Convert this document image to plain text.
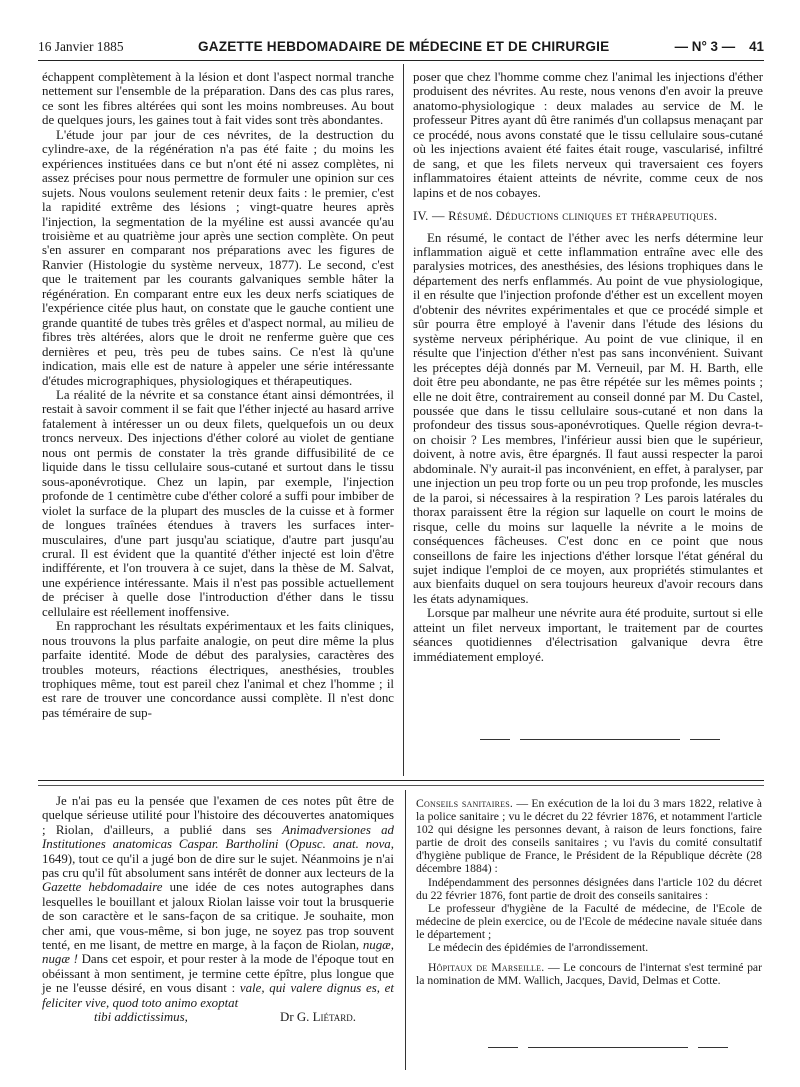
16 Janvier 1885	GAZETTE HEBDOMADAIRE DE MÉDECINE ET DE CHIRURGIE	— N° 3 — 41

échappent complètement à la lésion et dont l'aspect normal tranche nettement sur l'ensemble de la préparation. Dans des cas plus rares, ce sont les fibres altérées qui sont les moins nombreuses. Au bout de quelques jours, les gaines tout à fait vides sont très abondantes.

L'étude jour par jour de ces névrites, de la destruction du cylindre-axe, de la régénération n'a pas été faite ; du moins les expériences instituées dans ce but n'ont été ni assez complètes, ni assez précises pour nous permettre de formuler une opinion sur ces sujets. Nous voulons seulement retenir deux faits : le premier, c'est la rapidité extrême des lésions ; vingt-quatre heures après l'injection, la segmentation de la myéline est aussi avancée qu'au troisième et au quatrième jour après une section complète. On peut s'en assurer en comparant nos préparations avec les figures de Ranvier (Histologie du système nerveux, 1877). Le second, c'est que le traitement par les courants galvaniques semble hâter la régénération. En comparant entre eux les deux nerfs sciatiques de l'expérience citée plus haut, on constate que le gauche contient une grande quantité de tubes très grêles et d'aspect normal, au milieu de fibres très altérées, alors que le droit ne renferme guère que ces dernières et peu, très peu de tubes sains. Ce n'est là qu'une indication, mais elle est de nature à appeler une série intéressante d'études micrographiques, physiologiques et thérapeutiques.

La réalité de la névrite et sa constance étant ainsi démontrées, il restait à savoir comment il se fait que l'éther injecté au hasard arrive fatalement à intéresser un ou deux filets, quelquefois un ou deux troncs nerveux. Des injections d'éther coloré au violet de gentiane nous ont permis de constater la très grande diffusibilité de ce liquide dans le tissu cellulaire sous-cutané et surtout dans le tissu sous-aponévrotique. Chez un lapin, par exemple, l'injection profonde de 1 centimètre cube d'éther coloré a suffi pour imbiber de violet la surface de la plupart des muscles de la cuisse et à former de longues traînées étendues à travers les surfaces inter-musculaires, d'une part jusqu'au sciatique, d'autre part jusqu'au crural. Il est évident que la quantité d'éther injecté est loin d'être indifférente, et l'on trouvera à ce sujet, dans la thèse de M. Salvat, une expérience intéressante. Mais il n'est pas possible actuellement de préciser à quelle dose l'introduction d'éther dans le tissu cellulaire est réellement inoffensive.

En rapprochant les résultats expérimentaux et les faits cliniques, nous trouvons la plus parfaite analogie, on peut dire même la plus parfaite identité. Mode de début des paralysies, caractères des troubles moteurs, réactions électriques, anesthésies, troubles trophiques même, tout est pareil chez l'animal et chez l'homme ; il est rare de trouver une concordance aussi complète. Il n'est donc pas téméraire de sup-

poser que chez l'homme comme chez l'animal les injections d'éther produisent des névrites. Au reste, nous venons d'en avoir la preuve anatomo-physiologique : deux malades au service de M. le professeur Pitres ayant dû être ranimés d'un collapsus menaçant par ce procédé, nous avons constaté que le tissu cellulaire sous-cutané où les injections avaient été faites était rouge, vascularisé, infiltré de sang, et que les filets nerveux qui traversaient ces foyers inflammatoires étaient atteints de névrite, comme ceux de nos lapins et de nos cobayes.

IV. — Résumé. Déductions cliniques et thérapeutiques.

En résumé, le contact de l'éther avec les nerfs détermine leur inflammation aiguë et cette inflammation entraîne avec elle des paralysies motrices, des anesthésies, des lésions trophiques dans le département des nerfs enflammés. Au point de vue physiologique, il en résulte que l'injection profonde d'éther est un excellent moyen d'obtenir des névrites expérimentales et que ce procédé simple et sûr pourra être employé à l'avenir dans l'étude des lésions du système nerveux périphérique. Au point de vue clinique, il en résulte que l'injection d'éther n'est pas sans inconvénient. Suivant les préceptes déjà donnés par M. Verneuil, par M. H. Barth, elle doit être peu abondante, ne pas être répétée sur les mêmes points ; elle ne doit être, contrairement au conseil donné par M. Du Castel, poussée que dans le tissu cellulaire sous-cutané et non dans la profondeur des tissus sous-aponévrotiques. Quelle région devra-t-on choisir ? Les membres, l'inférieur aussi bien que le supérieur, doivent, à notre avis, être épargnés. Il faut aussi respecter la paroi abdominale. N'y aurait-il pas inconvénient, en effet, à paralyser, par une injection un peu trop forte ou un peu trop profonde, les muscles de la paroi, si nécessaires à la respiration ? Les parois latérales du thorax paraissent être la région sur laquelle on court le moins de risque, celle du moins sur laquelle la névrite a le moins de conséquences fâcheuses. C'est donc en ce point que nous conseillons de faire les injections d'éther lorsque l'état général du sujet indique l'emploi de ce moyen, aux propriétés stimulantes et aux bienfaits duquel on sera toujours heureux d'avoir recours dans les états adynamiques.

Lorsque par malheur une névrite aura été produite, surtout si elle atteint un filet nerveux important, le traitement par de courtes séances quotidiennes d'électrisation galvanique devra être immédiatement employé.

Je n'ai pas eu la pensée que l'examen de ces notes pût être de quelque sérieuse utilité pour l'histoire des découvertes anatomiques ; Riolan, d'ailleurs, a publié dans ses Animadversiones ad Institutiones anatomicas Caspar. Bartholini (Opusc. anat. nova, 1649), tout ce qu'il a jugé bon de dire sur le sujet. Néanmoins je n'ai pas cru qu'il fût absolument sans intérêt de donner aux lecteurs de la Gazette hebdomadaire une idée de ces notes autographes dans lesquelles le bouillant et jaloux Riolan laisse voir tout la brusquerie de son caractère et le sans-façon de sa critique. Je souhaite, mon cher ami, que vous-même, si bon juge, ne soyez pas trop souvent tenté, en me lisant, de mettre en marge, à la façon de Riolan, nugæ, nugæ ! Dans cet espoir, et pour rester à la mode de l'époque tout en obéissant à mon sentiment, je termine cette épître, plus longue que je ne l'eusse désiré, en vous disant : vale, qui valere dignus es, et feliciter vive, quod toto animo exoptat

tibi addictissimus,	Dr G. Liétard.

Conseils sanitaires. — En exécution de la loi du 3 mars 1822, relative à la police sanitaire ; vu le décret du 22 février 1876, et notamment l'article 102 qui désigne les personnes devant, à raison de leurs fonctions, faire partie de droit des conseils sanitaires ; vu l'avis du comité consultatif d'hygiène publique de France, le Président de la République décrète (28 décembre 1884) :

Indépendamment des personnes désignées dans l'article 102 du décret du 22 février 1876, font partie de droit des conseils sanitaires :

Le professeur d'hygiène de la Faculté de médecine, de l'Ecole de médecine de plein exercice, ou de l'Ecole de médecine navale située dans le département ;

Le médecin des épidémies de l'arrondissement.

Hôpitaux de Marseille. — Le concours de l'internat s'est terminé par la nomination de MM. Wallich, Jacques, David, Delmas et Cotte.
